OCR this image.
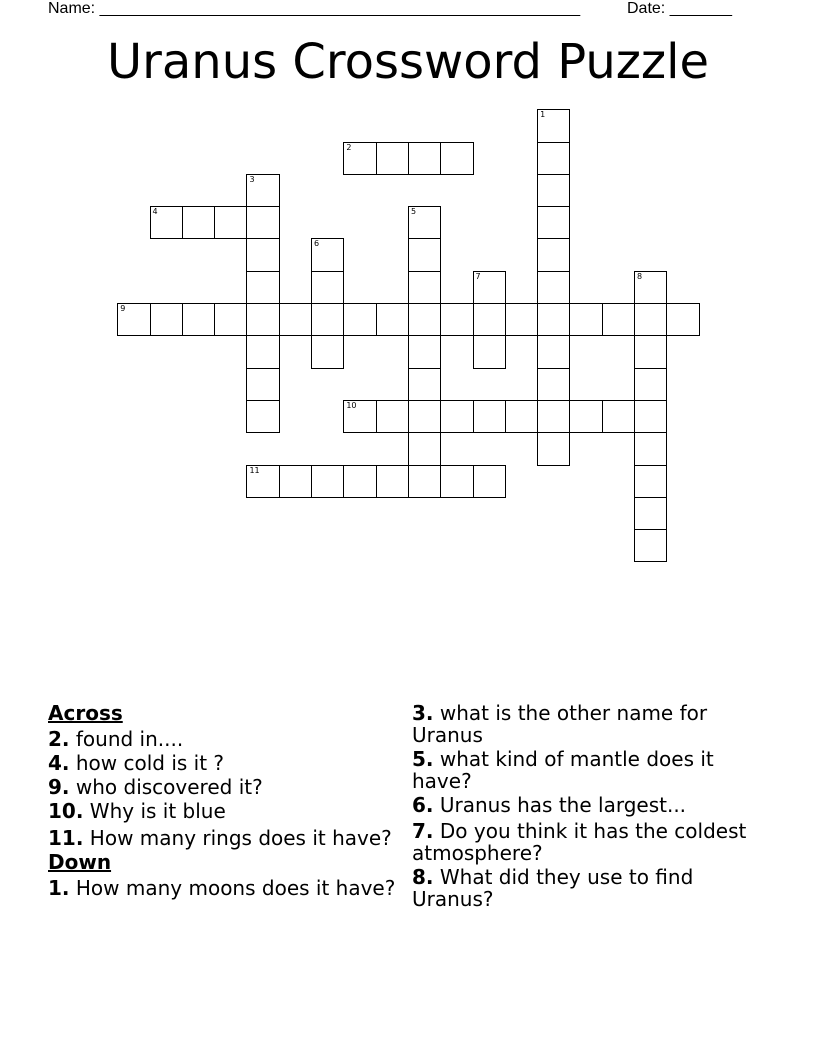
Name: ______________________________________________________	Date: _______
Uranus Crossword Puzzle
1
2
3
4	5
6
7	8
9
10
11
Across
2. found in....
4. how cold is it ?
9. who discovered it?
10. Why is it blue
11. How many rings does it have?
Down
1. How many moons does it have?
3. what is the other name for Uranus
5. what kind of mantle does it have?
6. Uranus has the largest...
7. Do you think it has the coldest atmosphere?
8. What did they use to find Uranus?
